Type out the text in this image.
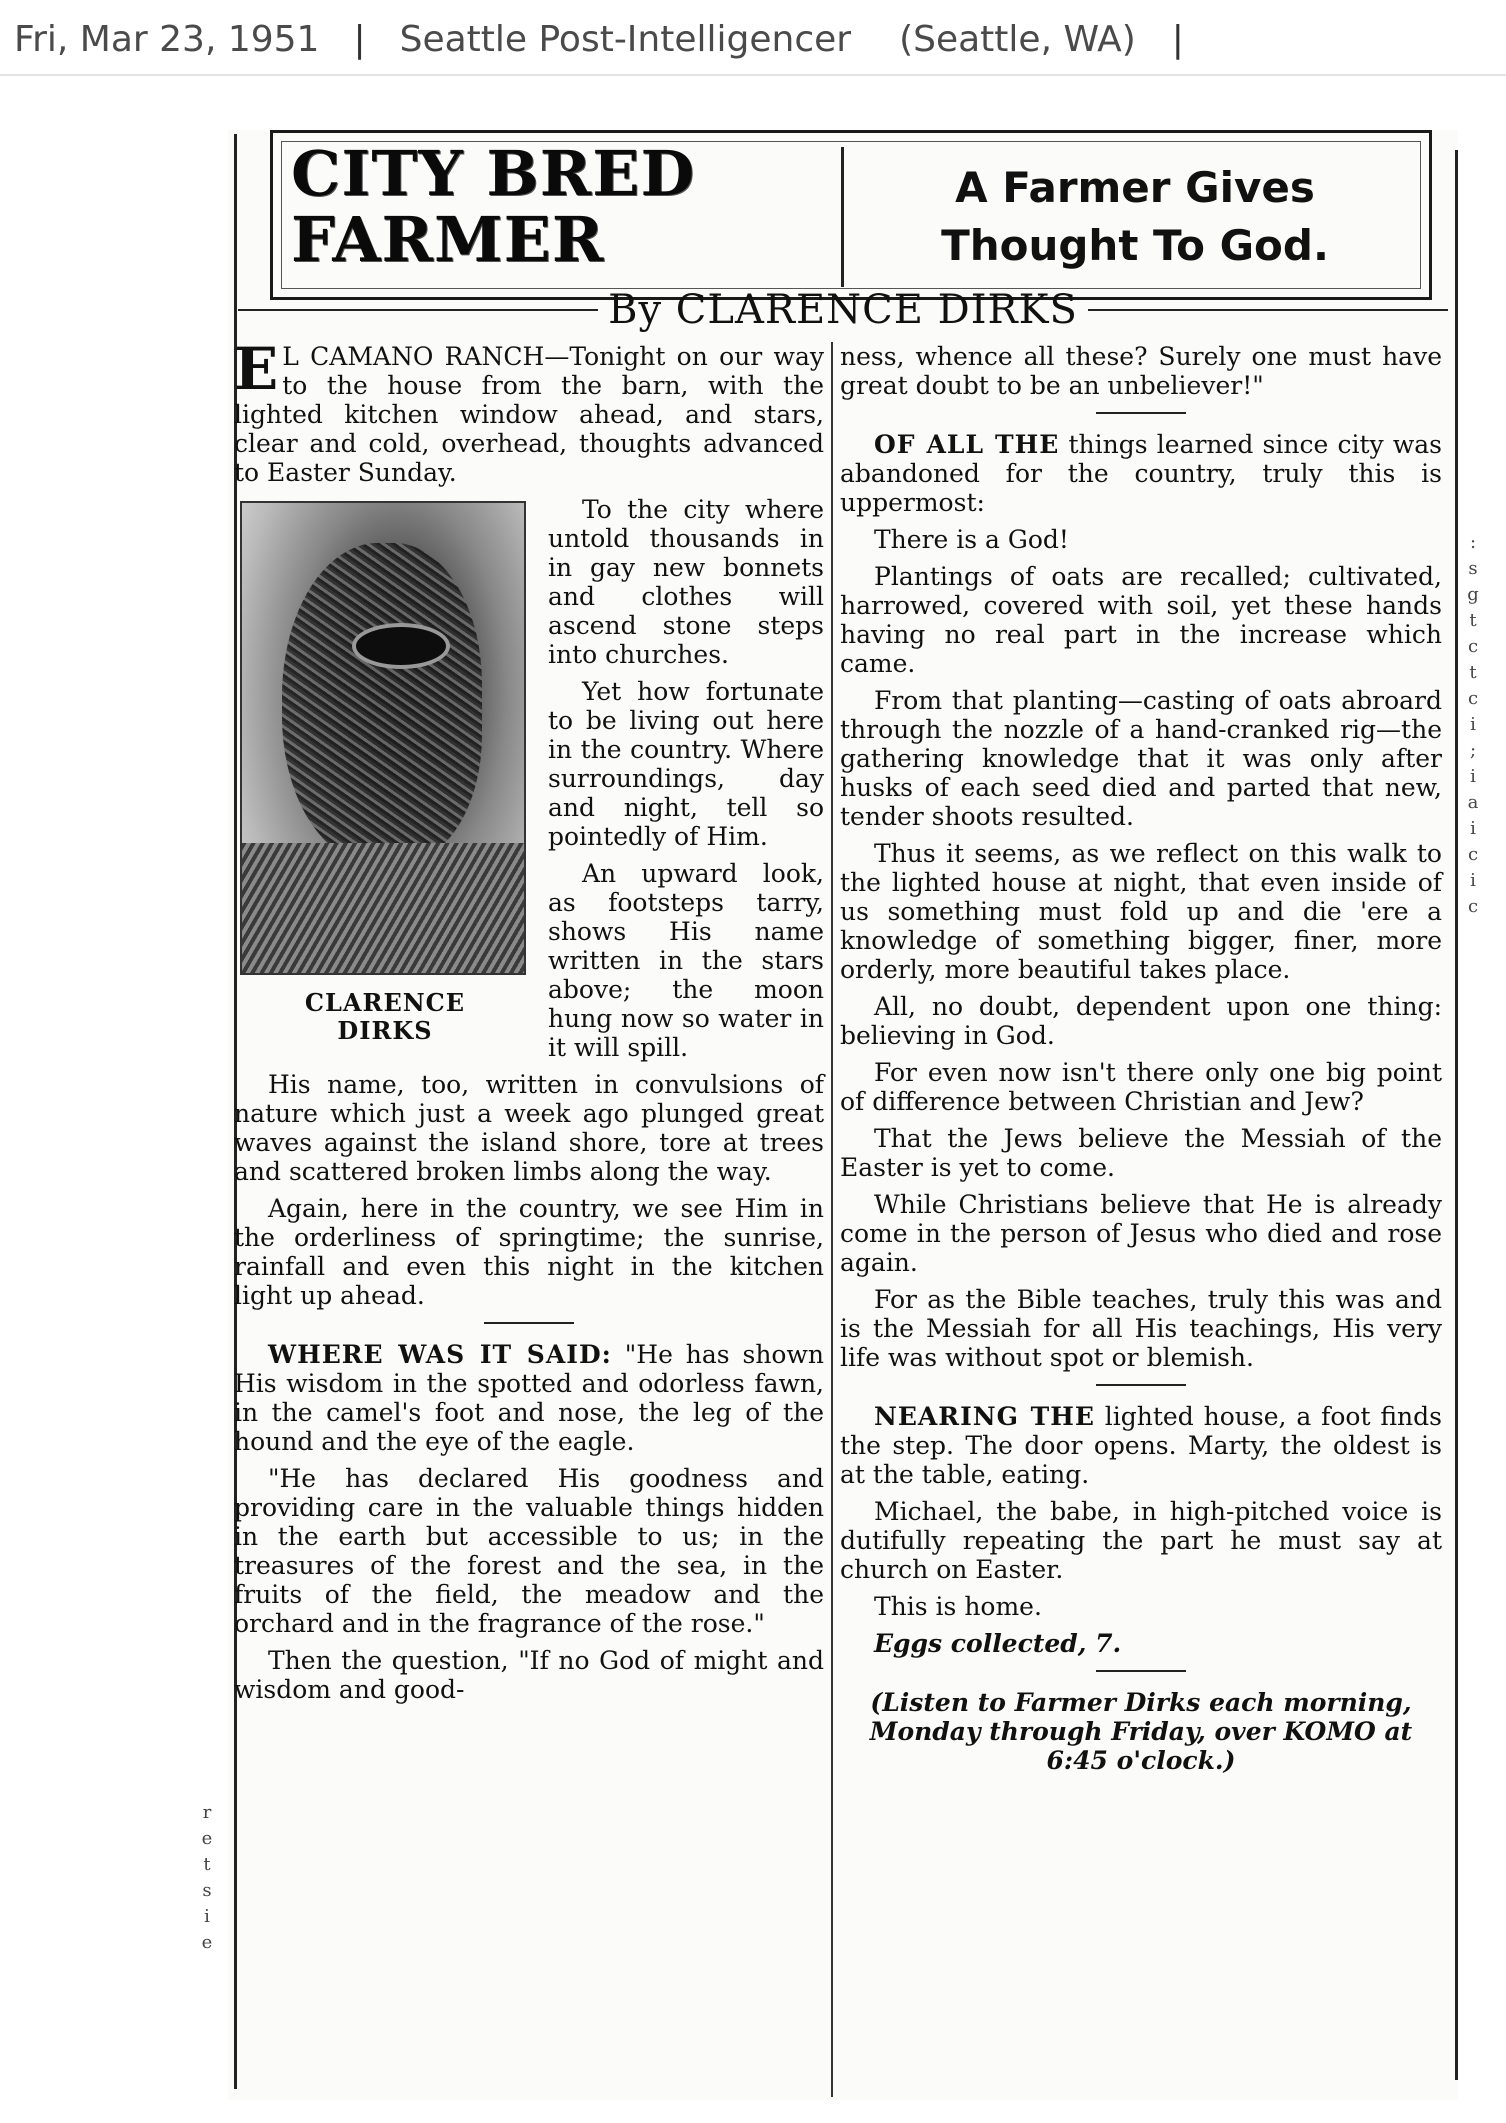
Fri, Mar 23, 1951 | Seattle Post-Intelligencer (Seattle, WA) |
CITY BRED
FARMER
A Farmer Gives
Thought To God.
By CLARENCE DIRKS

E L CAMANO RANCH—Tonight on our way to the house from the barn, with the lighted kitchen window ahead, and stars, clear and cold, overhead, thoughts advanced to Easter Sunday.

CLARENCE
DIRKS

To the city where untold thousands in in gay new bonnets and clothes will ascend stone steps into churches.

Yet how fortunate to be living out here in the country. Where surroundings, day and night, tell so pointedly of Him.

An upward look, as footsteps tarry, shows His name written in the stars above; the moon hung now so water in it will spill.

His name, too, written in convulsions of nature which just a week ago plunged great waves against the island shore, tore at trees and scattered broken limbs along the way.

Again, here in the country, we see Him in the orderliness of springtime; the sunrise, rainfall and even this night in the kitchen light up ahead.

WHERE WAS IT SAID: "He has shown His wisdom in the spotted and odorless fawn, in the camel's foot and nose, the leg of the hound and the eye of the eagle.

"He has declared His goodness and providing care in the valuable things hidden in the earth but accessible to us; in the treasures of the forest and the sea, in the fruits of the field, the meadow and the orchard and in the fragrance of the rose."

Then the question, "If no God of might and wisdom and good-

ness, whence all these? Surely one must have great doubt to be an unbeliever!"

OF ALL THE things learned since city was abandoned for the country, truly this is uppermost:

There is a God!

Plantings of oats are recalled; cultivated, harrowed, covered with soil, yet these hands having no real part in the increase which came.

From that planting—casting of oats abroard through the nozzle of a hand-cranked rig—the gathering knowledge that it was only after husks of each seed died and parted that new, tender shoots resulted.

Thus it seems, as we reflect on this walk to the lighted house at night, that even inside of us something must fold up and die 'ere a knowledge of something bigger, finer, more orderly, more beautiful takes place.

All, no doubt, dependent upon one thing: believing in God.

For even now isn't there only one big point of difference between Christian and Jew?

That the Jews believe the Messiah of the Easter is yet to come.

While Christians believe that He is already come in the person of Jesus who died and rose again.

For as the Bible teaches, truly this was and is the Messiah for all His teachings, His very life was without spot or blemish.

NEARING THE lighted house, a foot finds the step. The door opens. Marty, the oldest is at the table, eating.

Michael, the babe, in high-pitched voice is dutifully repeating the part he must say at church on Easter.

This is home.

Eggs collected, 7.

(Listen to Farmer Dirks each morning, Monday through Friday, over KOMO at 6:45 o'clock.)

:
s
g
t
c
t
c
i
;
i
a
i
c
i
c
r
e
t
s
i
e
